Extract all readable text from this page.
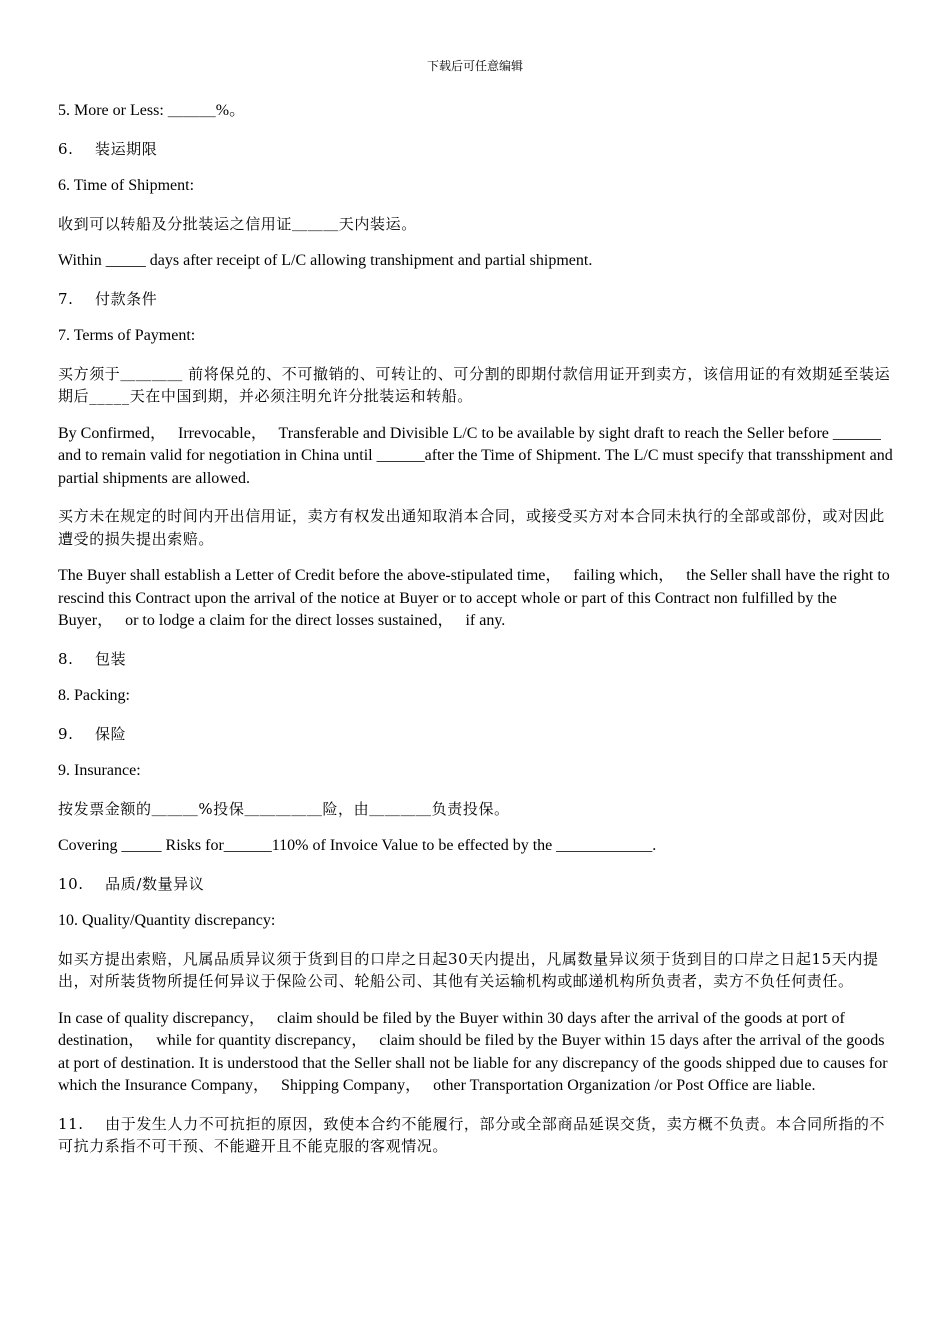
下载后可任意编辑

5. More or Less: ＿＿＿%。

6.    装运期限

6. Time of Shipment:

收到可以转船及分批装运之信用证＿＿＿天内装运。

Within _____ days after receipt of L/C allowing transhipment and partial shipment.

7.    付款条件

7. Terms of Payment:

买方须于＿＿＿＿ 前将保兑的、不可撤销的、可转让的、可分割的即期付款信用证开到卖方，该信用证的有效期延至装运期后_____天在中国到期，并必须注明允许分批装运和转船。

By Confirmed，   Irrevocable，   Transferable and Divisible L/C to be available by sight draft to reach the Seller before ______ and to remain valid for negotiation in China until ______after the Time of Shipment. The L/C must specify that transshipment and partial shipments are allowed.

买方未在规定的时间内开出信用证，卖方有权发出通知取消本合同，或接受买方对本合同未执行的全部或部份，或对因此遭受的损失提出索赔。

The Buyer shall establish a Letter of Credit before the above-stipulated time，   failing which，   the Seller shall have the right to rescind this Contract upon the arrival of the notice at Buyer or to accept whole or part of this Contract non fulfilled by the Buyer，   or to lodge a claim for the direct losses sustained，   if any.

8.    包装

8. Packing:

9.    保险

9. Insurance:

按发票金额的＿＿＿%投保＿＿＿＿＿险，由＿＿＿＿负责投保。

Covering _____ Risks for______110% of Invoice Value to be effected by the ____________.

10.    品质/数量异议

10. Quality/Quantity discrepancy:

如买方提出索赔，凡属品质异议须于货到目的口岸之日起30天内提出，凡属数量异议须于货到目的口岸之日起15天内提出，对所装货物所提任何异议于保险公司、轮船公司、其他有关运输机构或邮递机构所负责者，卖方不负任何责任。

In case of quality discrepancy，   claim should be filed by the Buyer within 30 days after the arrival of the goods at port of destination，   while for quantity discrepancy，   claim should be filed by the Buyer within 15 days after the arrival of the goods at port of destination. It is understood that the Seller shall not be liable for any discrepancy of the goods shipped due to causes for which the Insurance Company，   Shipping Company，   other Transportation Organization /or Post Office are liable.

11.    由于发生人力不可抗拒的原因，致使本合约不能履行，部分或全部商品延误交货，卖方概不负责。本合同所指的不可抗力系指不可干预、不能避开且不能克服的客观情况。
